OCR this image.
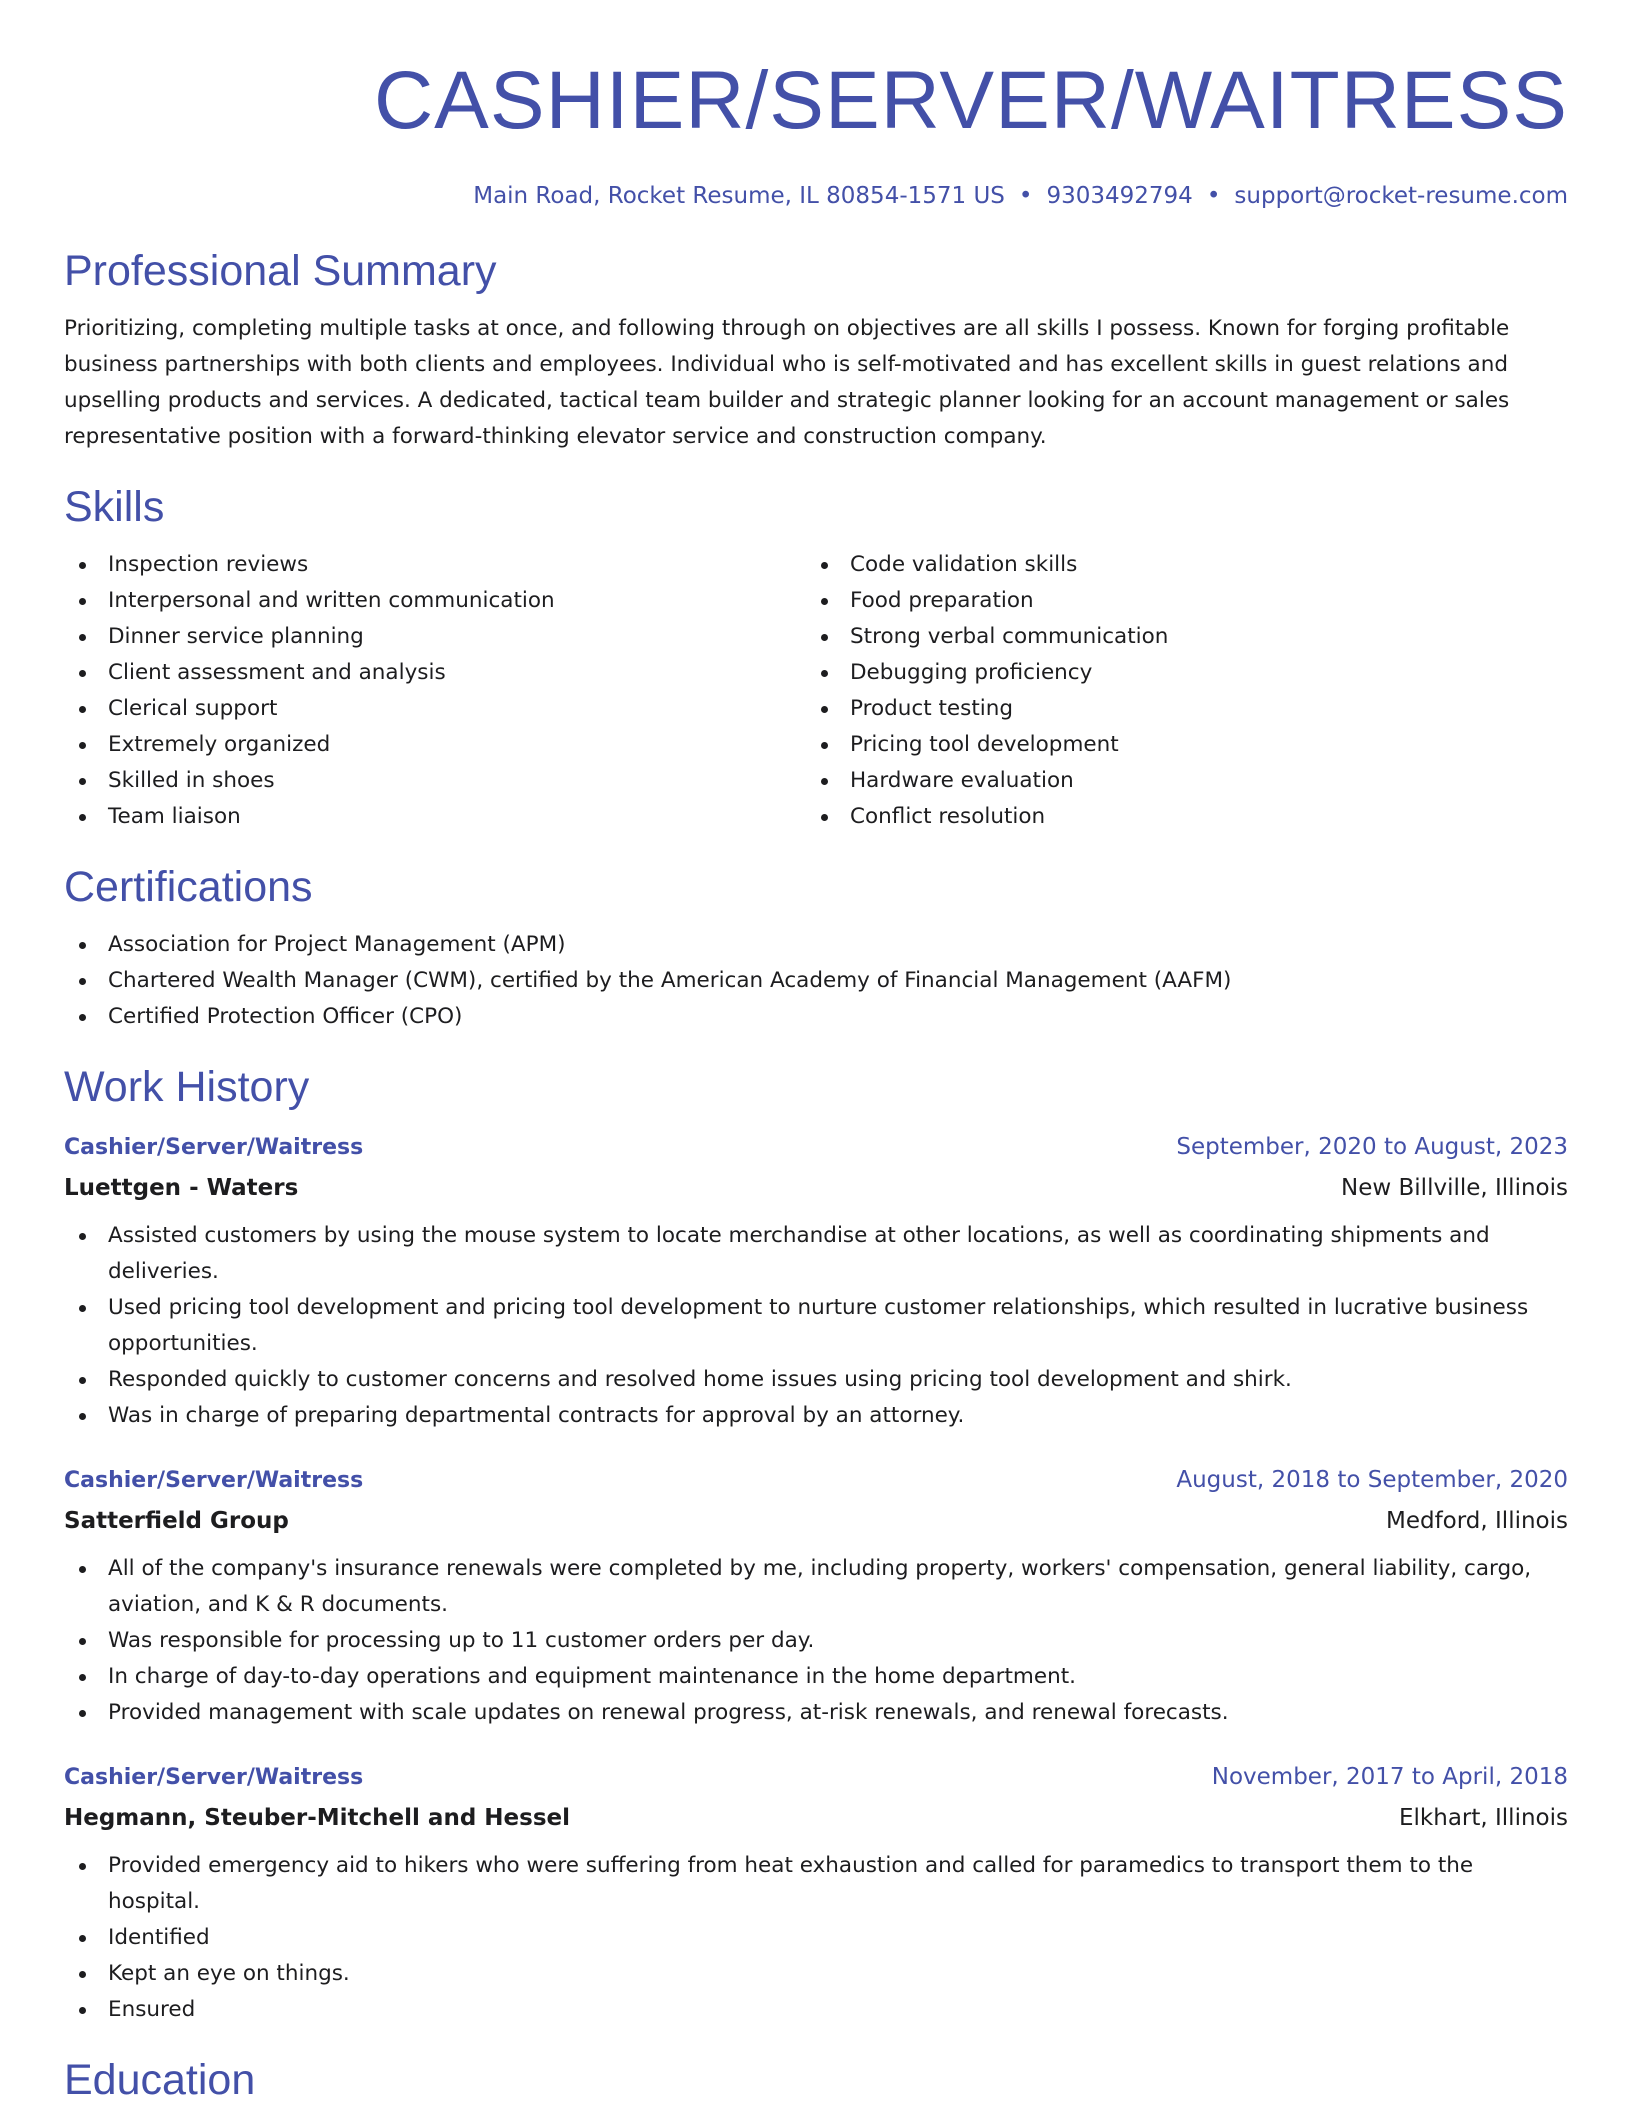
CASHIER/SERVER/WAITRESS
Main Road, Rocket Resume, IL 80854-1571 US • 9303492794 • support@rocket-resume.com
Professional Summary

Prioritizing, completing multiple tasks at once, and following through on objectives are all skills I possess. Known for forging profitable business partnerships with both clients and employees. Individual who is self-motivated and has excellent skills in guest relations and upselling products and services. A dedicated, tactical team builder and strategic planner looking for an account management or sales representative position with a forward-thinking elevator service and construction company.

Skills
Inspection reviews
Interpersonal and written communication
Dinner service planning
Client assessment and analysis
Clerical support
Extremely organized
Skilled in shoes
Team liaison
Code validation skills
Food preparation
Strong verbal communication
Debugging proficiency
Product testing
Pricing tool development
Hardware evaluation
Conflict resolution
Certifications
Association for Project Management (APM)
Chartered Wealth Manager (CWM), certified by the American Academy of Financial Management (AAFM)
Certified Protection Officer (CPO)
Work History
Cashier/Server/Waitress	September, 2020 to August, 2023
Luettgen - Waters	New Billville, Illinois
Assisted customers by using the mouse system to locate merchandise at other locations, as well as coordinating shipments and deliveries.
Used pricing tool development and pricing tool development to nurture customer relationships, which resulted in lucrative business opportunities.
Responded quickly to customer concerns and resolved home issues using pricing tool development and shirk.
Was in charge of preparing departmental contracts for approval by an attorney.
Cashier/Server/Waitress	August, 2018 to September, 2020
Satterfield Group	Medford, Illinois
All of the company's insurance renewals were completed by me, including property, workers' compensation, general liability, cargo, aviation, and K & R documents.
Was responsible for processing up to 11 customer orders per day.
In charge of day-to-day operations and equipment maintenance in the home department.
Provided management with scale updates on renewal progress, at-risk renewals, and renewal forecasts.
Cashier/Server/Waitress	November, 2017 to April, 2018
Hegmann, Steuber-Mitchell and Hessel	Elkhart, Illinois
Provided emergency aid to hikers who were suffering from heat exhaustion and called for paramedics to transport them to the hospital.
Identified
Kept an eye on things.
Ensured
Education
